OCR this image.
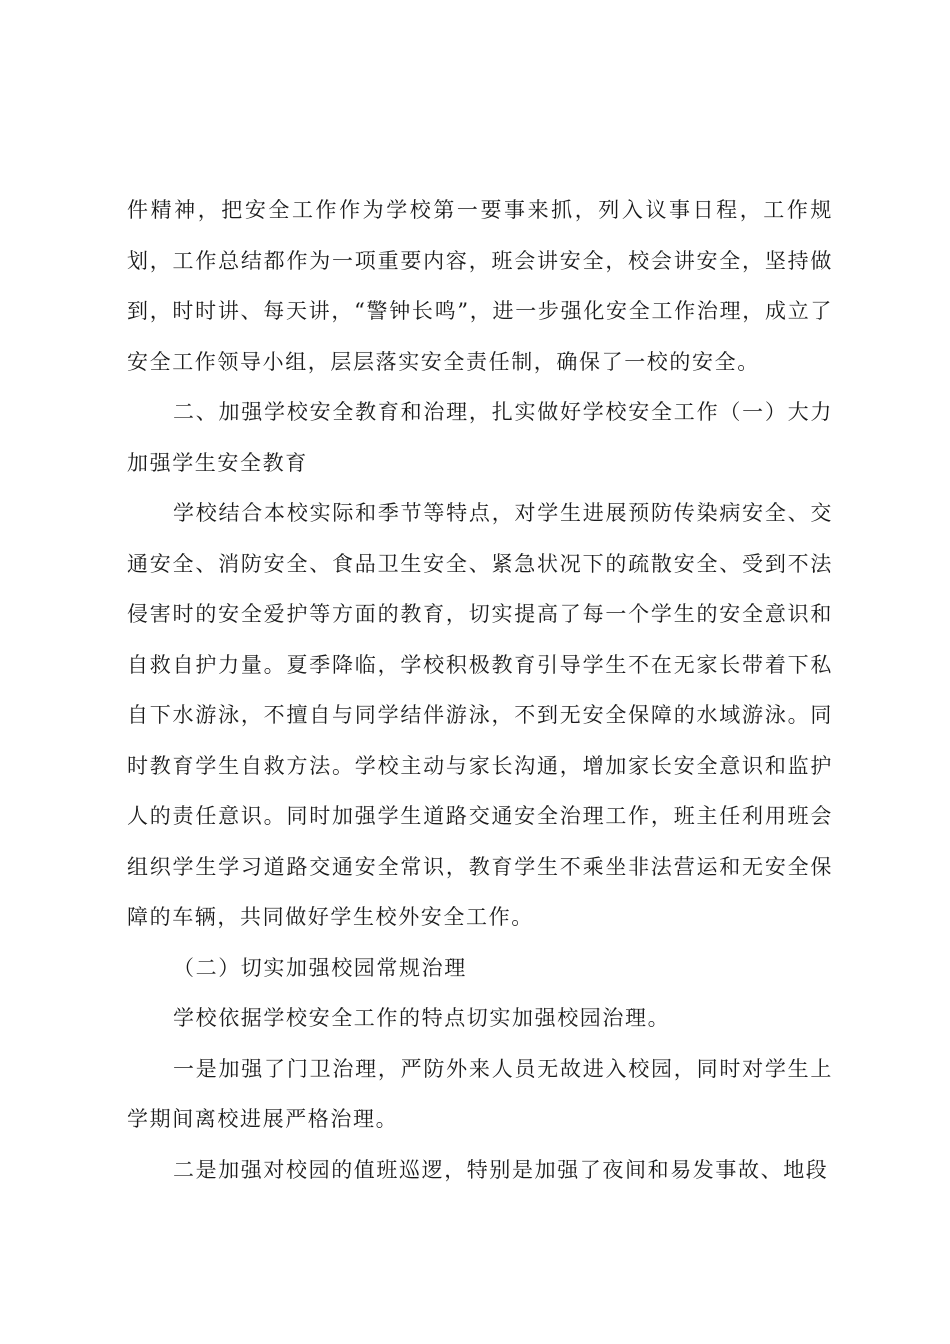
件精神，把安全工作作为学校第一要事来抓，列入议事日程，工作规划，工作总结都作为一项重要内容，班会讲安全，校会讲安全，坚持做到，时时讲、每天讲，“警钟长鸣”，进一步强化安全工作治理，成立了安全工作领导小组，层层落实安全责任制，确保了一校的安全。

二、加强学校安全教育和治理，扎实做好学校安全工作（一）大力加强学生安全教育

学校结合本校实际和季节等特点，对学生进展预防传染病安全、交通安全、消防安全、食品卫生安全、紧急状况下的疏散安全、受到不法侵害时的安全爱护等方面的教育，切实提高了每一个学生的安全意识和自救自护力量。夏季降临，学校积极教育引导学生不在无家长带着下私自下水游泳，不擅自与同学结伴游泳，不到无安全保障的水域游泳。同时教育学生自救方法。学校主动与家长沟通，增加家长安全意识和监护人的责任意识。同时加强学生道路交通安全治理工作，班主任利用班会组织学生学习道路交通安全常识，教育学生不乘坐非法营运和无安全保障的车辆，共同做好学生校外安全工作。

（二）切实加强校园常规治理

学校依据学校安全工作的特点切实加强校园治理。

一是加强了门卫治理，严防外来人员无故进入校园，同时对学生上学期间离校进展严格治理。

二是加强对校园的值班巡逻，特别是加强了夜间和易发事故、地段
